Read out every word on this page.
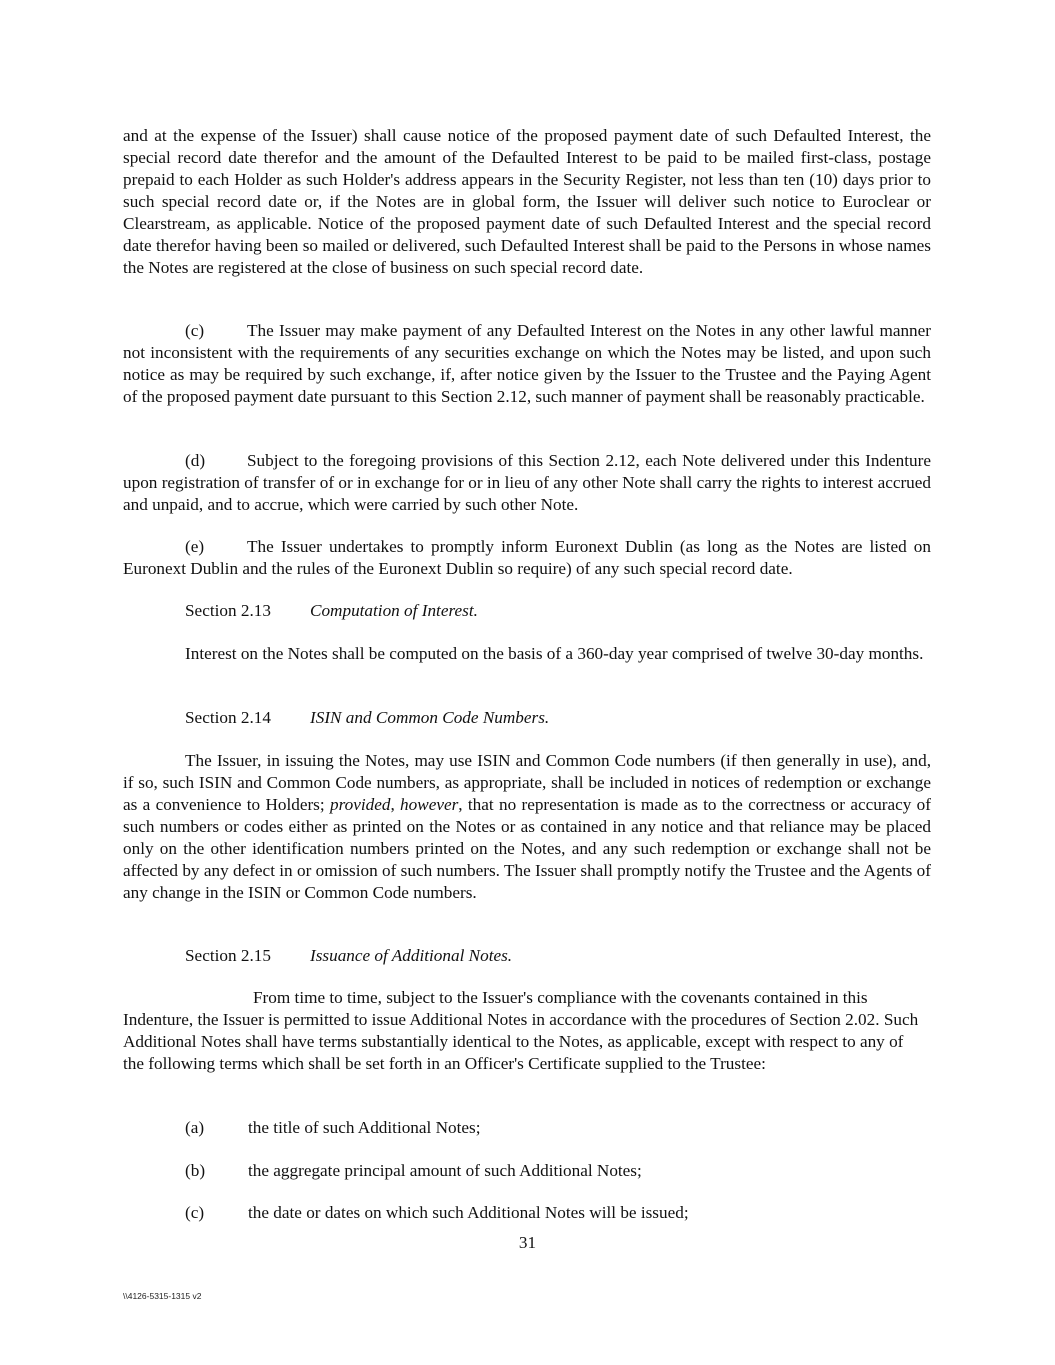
and at the expense of the Issuer) shall cause notice of the proposed payment date of such Defaulted Interest, the special record date therefor and the amount of the Defaulted Interest to be paid to be mailed first-class, postage prepaid to each Holder as such Holder's address appears in the Security Register, not less than ten (10) days prior to such special record date or, if the Notes are in global form, the Issuer will deliver such notice to Euroclear or Clearstream, as applicable. Notice of the proposed payment date of such Defaulted Interest and the special record date therefor having been so mailed or delivered, such Defaulted Interest shall be paid to the Persons in whose names the Notes are registered at the close of business on such special record date.

(c) The Issuer may make payment of any Defaulted Interest on the Notes in any other lawful manner not inconsistent with the requirements of any securities exchange on which the Notes may be listed, and upon such notice as may be required by such exchange, if, after notice given by the Issuer to the Trustee and the Paying Agent of the proposed payment date pursuant to this Section 2.12, such manner of payment shall be reasonably practicable.

(d) Subject to the foregoing provisions of this Section 2.12, each Note delivered under this Indenture upon registration of transfer of or in exchange for or in lieu of any other Note shall carry the rights to interest accrued and unpaid, and to accrue, which were carried by such other Note.

(e) The Issuer undertakes to promptly inform Euronext Dublin (as long as the Notes are listed on Euronext Dublin and the rules of the Euronext Dublin so require) of any such special record date.

Section 2.13 Computation of Interest.

Interest on the Notes shall be computed on the basis of a 360-day year comprised of twelve 30-day months.

Section 2.14 ISIN and Common Code Numbers.

The Issuer, in issuing the Notes, may use ISIN and Common Code numbers (if then generally in use), and, if so, such ISIN and Common Code numbers, as appropriate, shall be included in notices of redemption or exchange as a convenience to Holders; provided, however, that no representation is made as to the correctness or accuracy of such numbers or codes either as printed on the Notes or as contained in any notice and that reliance may be placed only on the other identification numbers printed on the Notes, and any such redemption or exchange shall not be affected by any defect in or omission of such numbers. The Issuer shall promptly notify the Trustee and the Agents of any change in the ISIN or Common Code numbers.

Section 2.15 Issuance of Additional Notes.

From time to time, subject to the Issuer's compliance with the covenants contained in this Indenture, the Issuer is permitted to issue Additional Notes in accordance with the procedures of Section 2.02. Such Additional Notes shall have terms substantially identical to the Notes, as applicable, except with respect to any of the following terms which shall be set forth in an Officer's Certificate supplied to the Trustee:

(a)	the title of such Additional Notes;

(b) the aggregate principal amount of such Additional Notes;

(c)	the date or dates on which such Additional Notes will be issued;

31

\\4126-5315-1315 v2
